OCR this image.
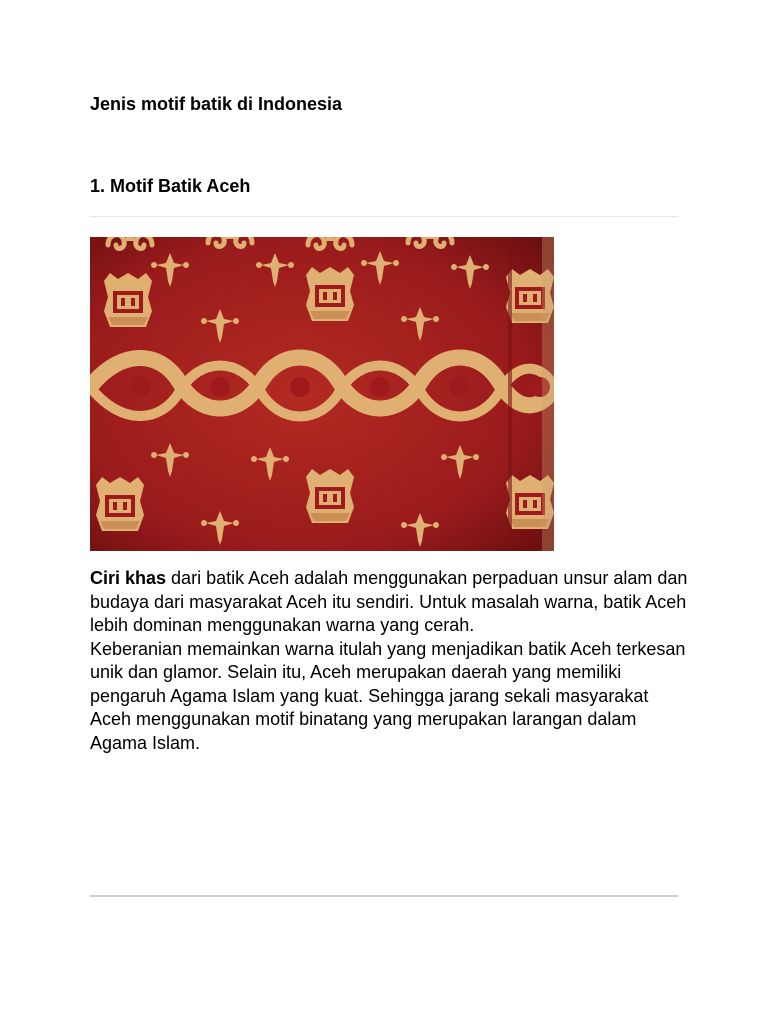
Jenis motif batik di Indonesia
1. Motif Batik Aceh

Ciri khas dari batik Aceh adalah menggunakan perpaduan unsur alam dan budaya dari masyarakat Aceh itu sendiri. Untuk masalah warna, batik Aceh lebih dominan menggunakan warna yang cerah.

Keberanian memainkan warna itulah yang menjadikan batik Aceh terkesan unik dan glamor. Selain itu, Aceh merupakan daerah yang memiliki pengaruh Agama Islam yang kuat. Sehingga jarang sekali masyarakat Aceh menggunakan motif binatang yang merupakan larangan dalam Agama Islam.
